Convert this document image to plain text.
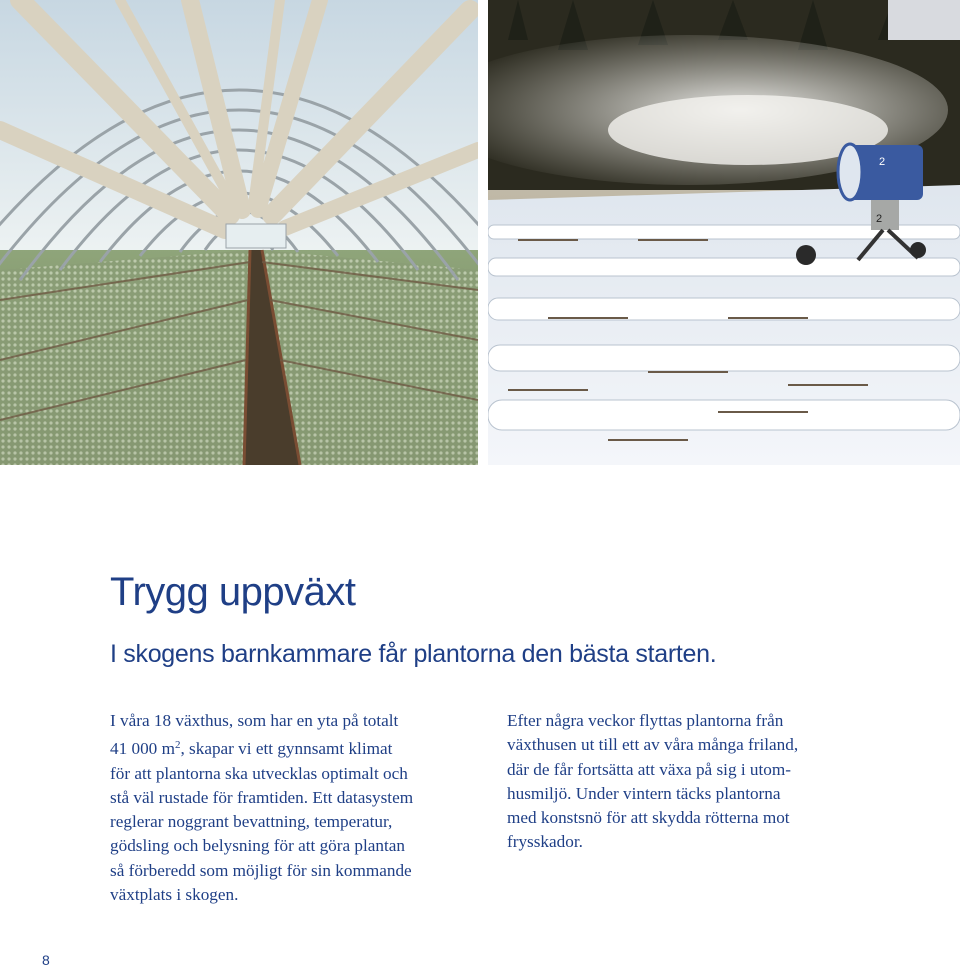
2
2
Trygg uppväxt
I skogens barnkammare får plantorna den bästa starten.
I våra 18 växthus, som har en yta på totalt
41 000 $m^2$, skapar vi ett gynnsamt klimat
för att plantorna ska utvecklas optimalt och
stå väl rustade för framtiden. Ett datasystem
reglerar noggrant bevattning, temperatur,
gödsling och belysning för att göra plantan
så förberedd som möjligt för sin kommande
växtplats i skogen.
Efter några veckor flyttas plantorna från
växthusen ut till ett av våra många friland,
där de får fortsätta att växa på sig i utom-
husmiljö. Under vintern täcks plantorna
med konstsnö för att skydda rötterna mot
frysskador.
8
